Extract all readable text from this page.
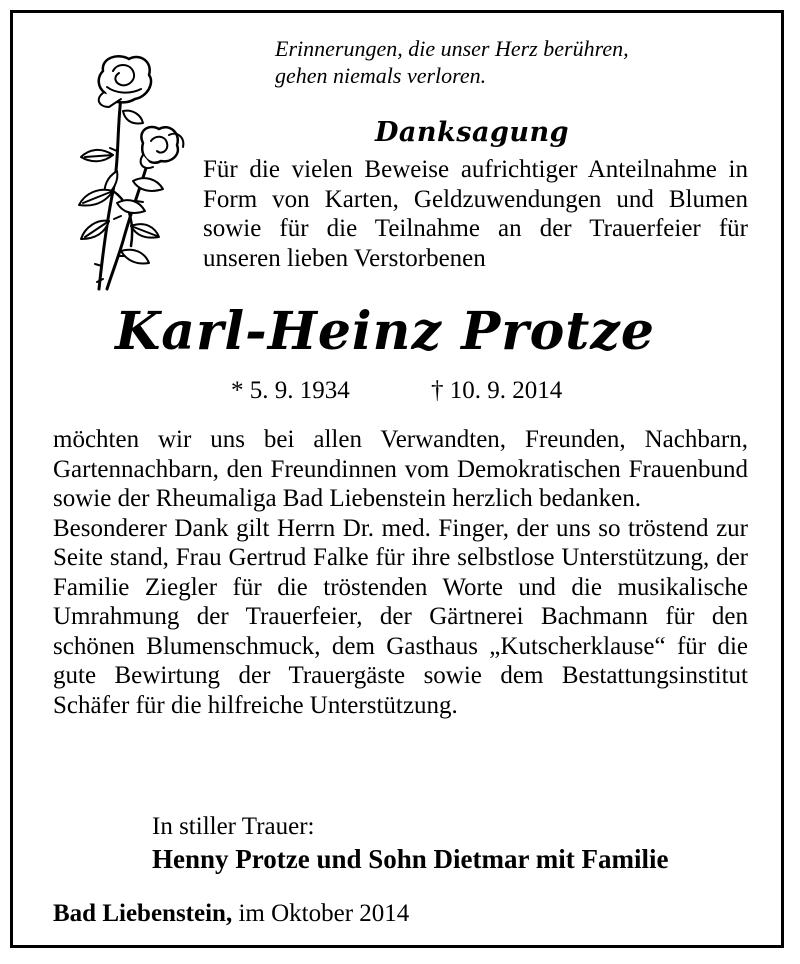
Erinnerungen, die unser Herz berühren,
gehen niemals verloren.
Danksagung
Für die vielen Beweise aufrichtiger Anteilnahme in Form von Karten, Geldzuwendungen und Blumen sowie für die Teilnahme an der Trauerfeier für unseren lieben Verstorbenen
Karl-Heinz Protze
* 5. 9. 1934	† 10. 9. 2014

möchten wir uns bei allen Verwandten, Freunden, Nachbarn, Gartennachbarn, den Freundinnen vom Demokratischen Frauenbund sowie der Rheumaliga Bad Liebenstein herzlich bedanken.

Besonderer Dank gilt Herrn Dr. med. Finger, der uns so tröstend zur Seite stand, Frau Gertrud Falke für ihre selbstlose Unterstützung, der Familie Ziegler für die tröstenden Worte und die musikalische Umrahmung der Trauerfeier, der Gärtnerei Bachmann für den schönen Blumenschmuck, dem Gasthaus „Kutscherklause“ für die gute Bewirtung der Trauergäste sowie dem Bestattungsinstitut Schäfer für die hilfreiche Unterstützung.

In stiller Trauer:
Henny Protze und Sohn Dietmar mit Familie
Bad Liebenstein, im Oktober 2014
